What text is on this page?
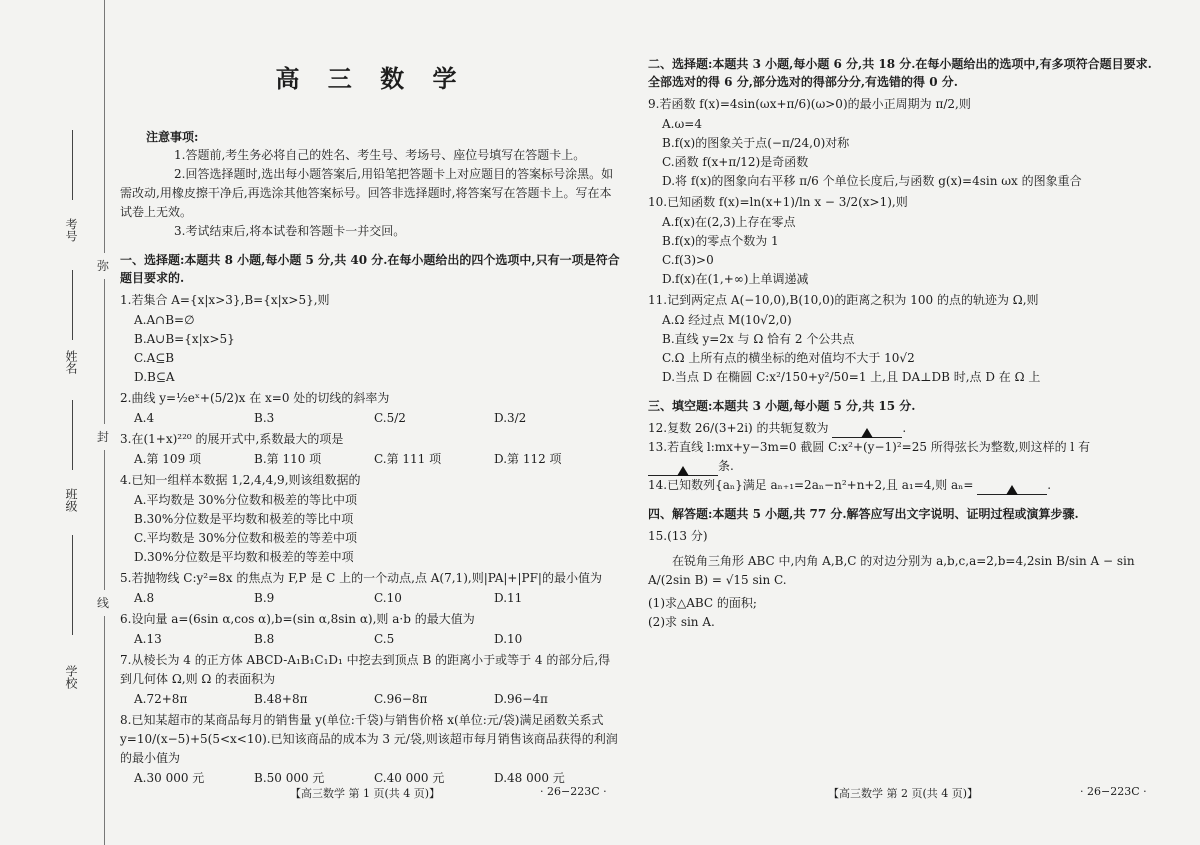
弥
封
线
考号
姓名
班级
学校
高 三 数 学
注意事项:

1.答题前,考生务必将自己的姓名、考生号、考场号、座位号填写在答题卡上。

2.回答选择题时,选出每小题答案后,用铅笔把答题卡上对应题目的答案标号涂黑。如需改动,用橡皮擦干净后,再选涂其他答案标号。回答非选择题时,将答案写在答题卡上。写在本试卷上无效。

3.考试结束后,将本试卷和答题卡一并交回。

一、选择题:本题共 8 小题,每小题 5 分,共 40 分.在每小题给出的四个选项中,只有一项是符合题目要求的.
1.若集合 A={x|x>3},B={x|x>5},则
A.A∩B=∅
B.A∪B={x|x>5}
C.A⊆B
D.B⊆A
2.曲线 y=½eˣ+(5/2)x 在 x=0 处的切线的斜率为
A.4	B.3	C.5/2	D.3/2
3.在(1+x)²²⁰ 的展开式中,系数最大的项是
A.第 109 项	B.第 110 项	C.第 111 项	D.第 112 项
4.已知一组样本数据 1,2,4,4,9,则该组数据的
A.平均数是 30%分位数和极差的等比中项
B.30%分位数是平均数和极差的等比中项
C.平均数是 30%分位数和极差的等差中项
D.30%分位数是平均数和极差的等差中项
5.若抛物线 C:y²=8x 的焦点为 F,P 是 C 上的一个动点,点 A(7,1),则|PA|+|PF|的最小值为
A.8	B.9	C.10	D.11
6.设向量 a=(6sin α,cos α),b=(sin α,8sin α),则 a·b 的最大值为
A.13	B.8	C.5	D.10
7.从棱长为 4 的正方体 ABCD-A₁B₁C₁D₁ 中挖去到顶点 B 的距离小于或等于 4 的部分后,得到几何体 Ω,则 Ω 的表面积为
A.72+8π	B.48+8π	C.96−8π	D.96−4π
8.已知某超市的某商品每月的销售量 y(单位:千袋)与销售价格 x(单位:元/袋)满足函数关系式 y=10/(x−5)+5(5<x<10).已知该商品的成本为 3 元/袋,则该超市每月销售该商品获得的利润的最小值为
A.30 000 元	B.50 000 元	C.40 000 元	D.48 000 元
【高三数学 第 1 页(共 4 页)】	· 26−223C ·
二、选择题:本题共 3 小题,每小题 6 分,共 18 分.在每小题给出的选项中,有多项符合题目要求.全部选对的得 6 分,部分选对的得部分分,有选错的得 0 分.
9.若函数 f(x)=4sin(ωx+π/6)(ω>0)的最小正周期为 π/2,则
A.ω=4
B.f(x)的图象关于点(−π/24,0)对称
C.函数 f(x+π/12)是奇函数
D.将 f(x)的图象向右平移 π/6 个单位长度后,与函数 g(x)=4sin ωx 的图象重合
10.已知函数 f(x)=ln(x+1)/ln x − 3/2(x>1),则
A.f(x)在(2,3)上存在零点
B.f(x)的零点个数为 1
C.f(3)>0
D.f(x)在(1,+∞)上单调递减
11.记到两定点 A(−10,0),B(10,0)的距离之积为 100 的点的轨迹为 Ω,则
A.Ω 经过点 M(10√2,0)
B.直线 y=2x 与 Ω 恰有 2 个公共点
C.Ω 上所有点的横坐标的绝对值均不大于 10√2
D.当点 D 在椭圆 C:x²/150+y²/50=1 上,且 DA⊥DB 时,点 D 在 Ω 上
三、填空题:本题共 3 小题,每小题 5 分,共 15 分.
12.复数 26/(3+2i) 的共轭复数为	.
13.若直线 l:mx+y−3m=0 截圆 C:x²+(y−1)²=25 所得弦长为整数,则这样的 l 有 条.
14.已知数列{aₙ}满足 aₙ₊₁=2aₙ−n²+n+2,且 a₁=4,则 aₙ=	.
四、解答题:本题共 5 小题,共 77 分.解答应写出文字说明、证明过程或演算步骤.
15.(13 分)
在锐角三角形 ABC 中,内角 A,B,C 的对边分别为 a,b,c,a=2,b=4,2sin B/sin A − sin A/(2sin B) = √15 sin C.
(1)求△ABC 的面积;
(2)求 sin A.
【高三数学 第 2 页(共 4 页)】	· 26−223C ·
